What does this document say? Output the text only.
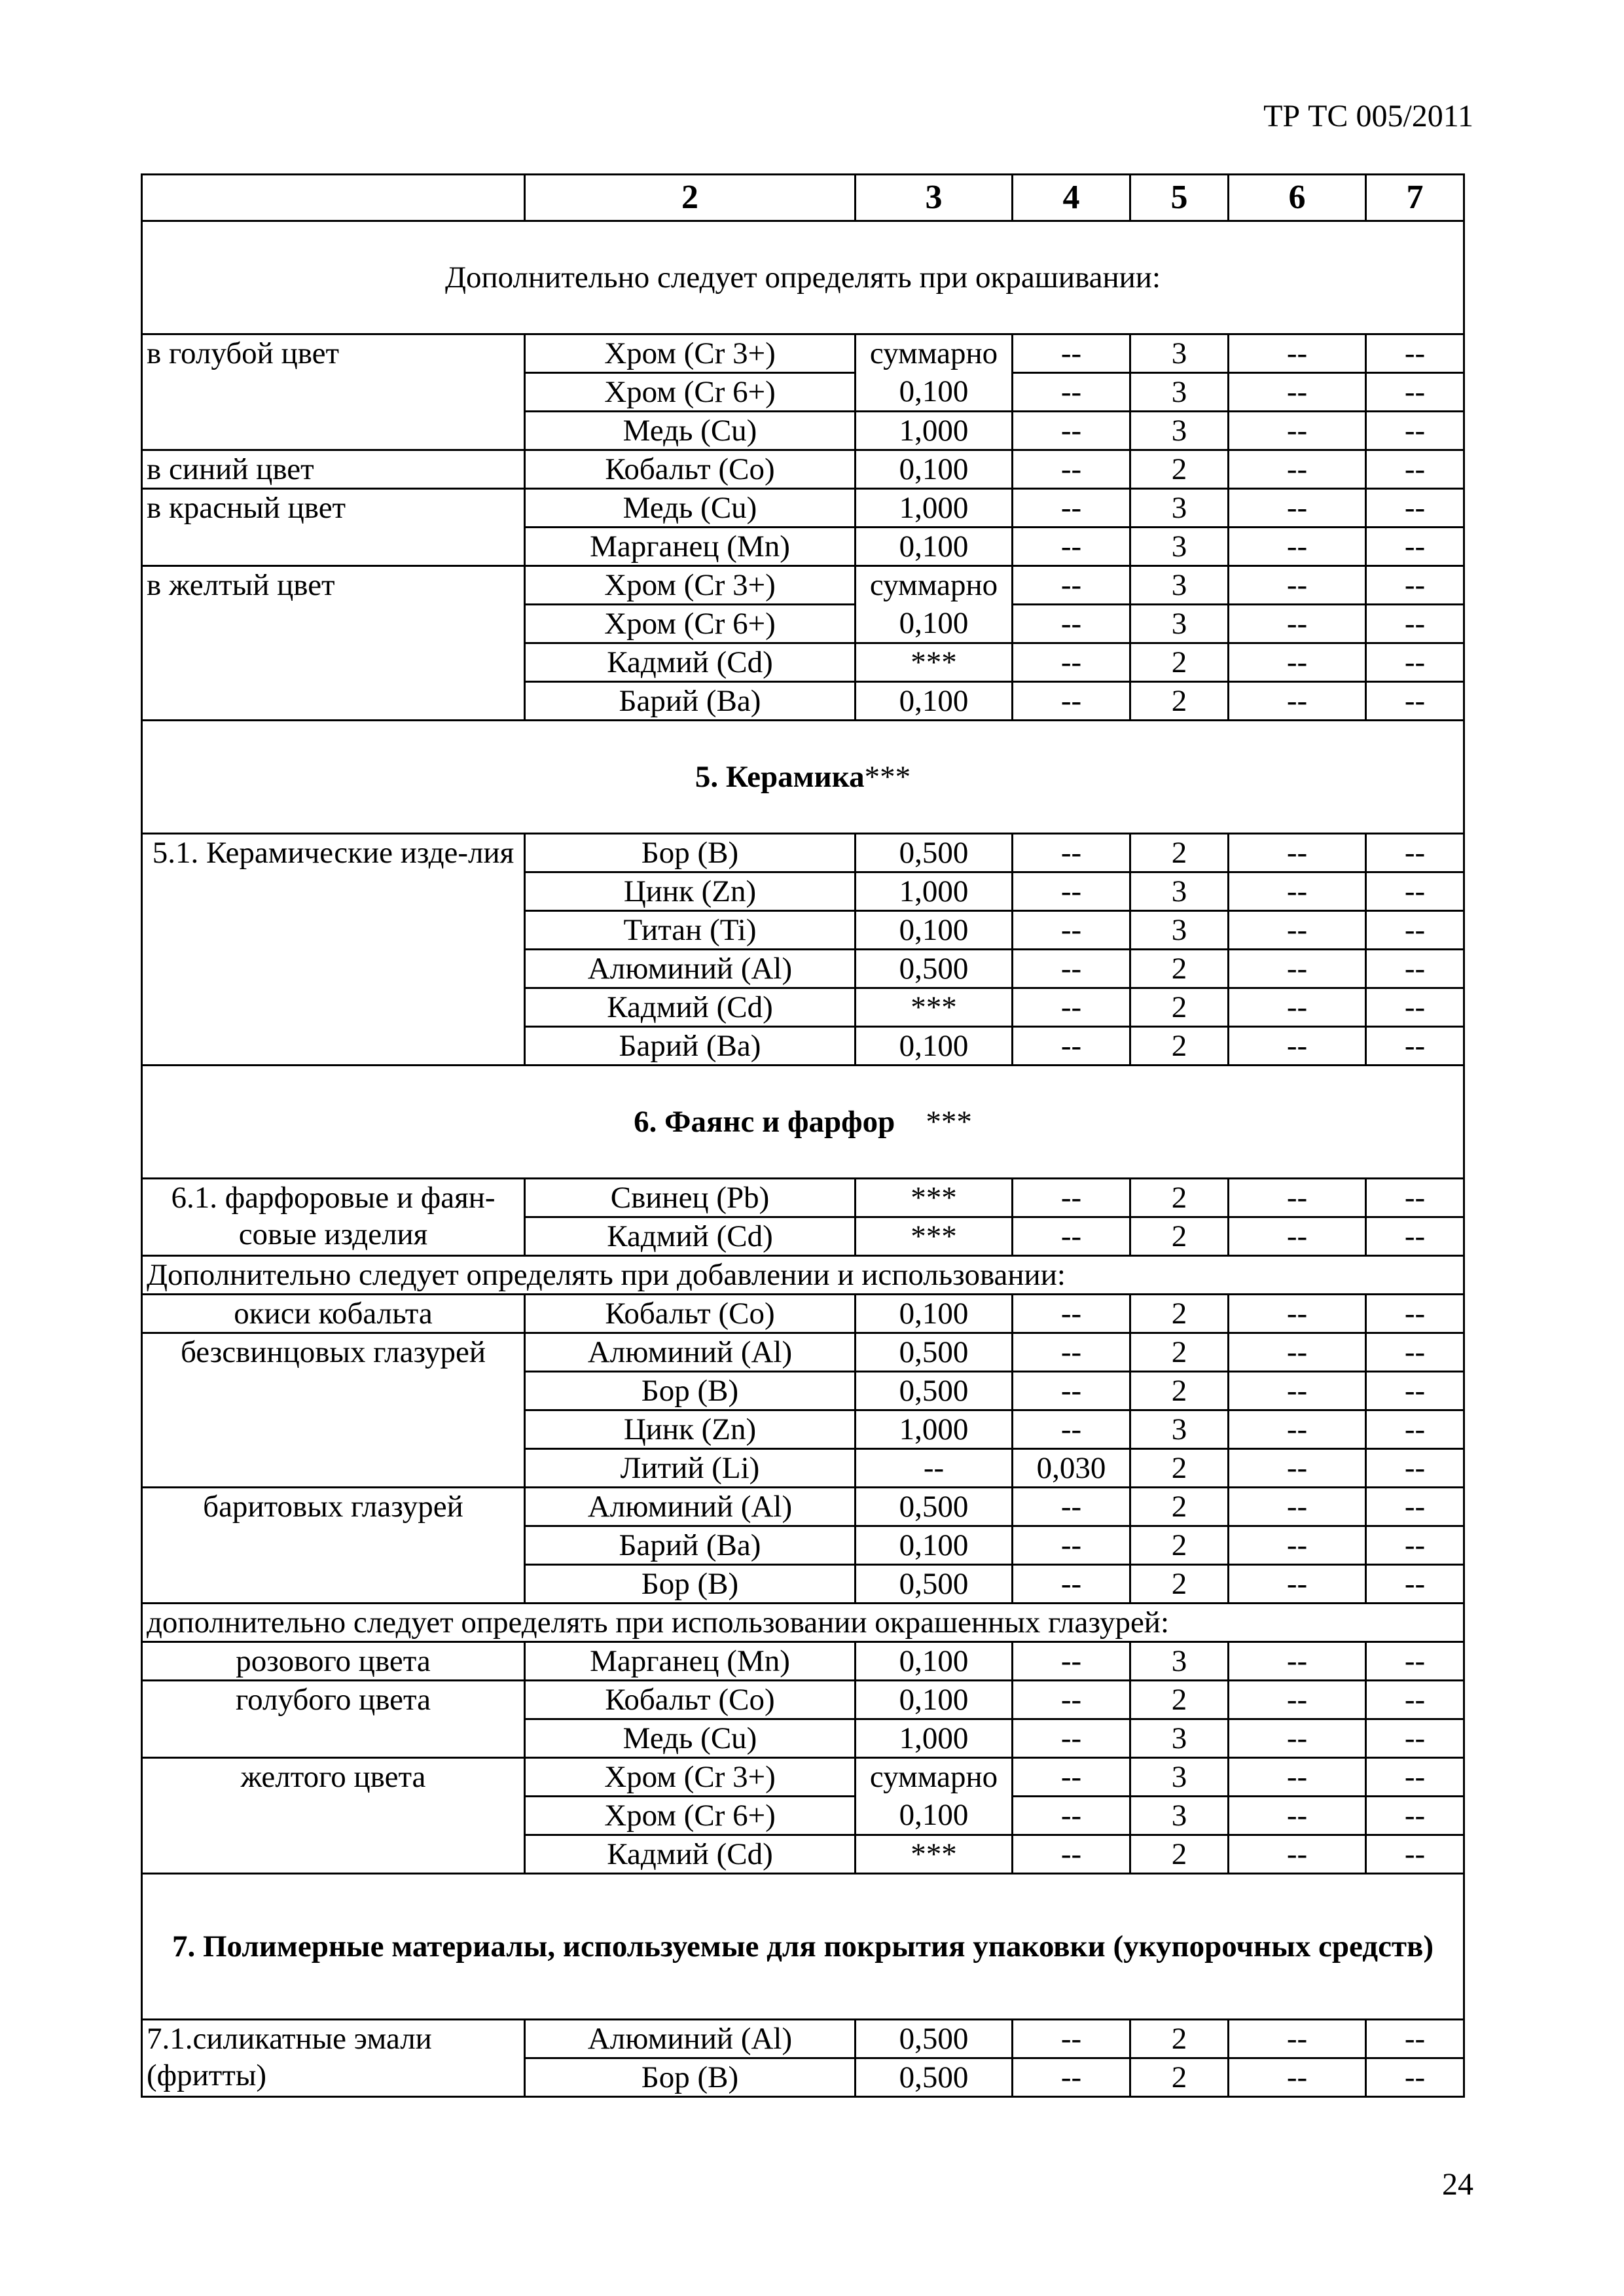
ТР ТС 005/2011
	2	3	4	5	6	7
Дополнительно следует определять при окрашивании:						
в голубой цвет	Хром (Cr 3+)	суммарно	--	3	--	--
	Хром (Cr 6+)	0,100	--	3	--	--
	Медь (Cu)	1,000	--	3	--	--
в синий цвет	Кобальт (Co)	0,100	--	2	--	--
в красный цвет	Медь (Cu)	1,000	--	3	--	--
	Марганец (Mn)	0,100	--	3	--	--
в желтый цвет	Хром (Cr 3+)	суммарно	--	3	--	--
	Хром (Cr 6+)	0,100	--	3	--	--
	Кадмий (Cd)	***	--	2	--	--
	Барий (Ba)	0,100	--	2	--	--
5. Керамика***						
5.1. Керамические изде-лия	Бор (B)	0,500	--	2	--	--
	Цинк (Zn)	1,000	--	3	--	--
	Титан (Ti)	0,100	--	3	--	--
	Алюминий (Al)	0,500	--	2	--	--
	Кадмий (Cd)	***	--	2	--	--
	Барий (Ba)	0,100	--	2	--	--
6. Фаянс и фарфор ***						
6.1. фарфоровые и фаян-совые изделия	Свинец (Pb)	***	--	2	--	--
	Кадмий (Cd)	***	--	2	--	--
Дополнительно следует определять при добавлении и использовании:						
окиси кобальта	Кобальт (Co)	0,100	--	2	--	--
безсвинцовых глазурей	Алюминий (Al)	0,500	--	2	--	--
	Бор (B)	0,500	--	2	--	--
	Цинк (Zn)	1,000	--	3	--	--
	Литий (Li)	--	0,030	2	--	--
баритовых глазурей	Алюминий (Al)	0,500	--	2	--	--
	Барий (Ba)	0,100	--	2	--	--
	Бор (B)	0,500	--	2	--	--
дополнительно следует определять при использовании окрашенных глазурей:						
розового цвета	Марганец (Mn)	0,100	--	3	--	--
голубого цвета	Кобальт (Co)	0,100	--	2	--	--
	Медь (Cu)	1,000	--	3	--	--
желтого цвета	Хром (Cr 3+)	суммарно	--	3	--	--
	Хром (Cr 6+)	0,100	--	3	--	--
	Кадмий (Cd)	***	--	2	--	--
7. Полимерные материалы, используемые для покрытия упаковки (укупорочных средств)						
7.1.силикатные эмали (фритты)	Алюминий (Al)	0,500	--	2	--	--
	Бор (B)	0,500	--	2	--	--
24
